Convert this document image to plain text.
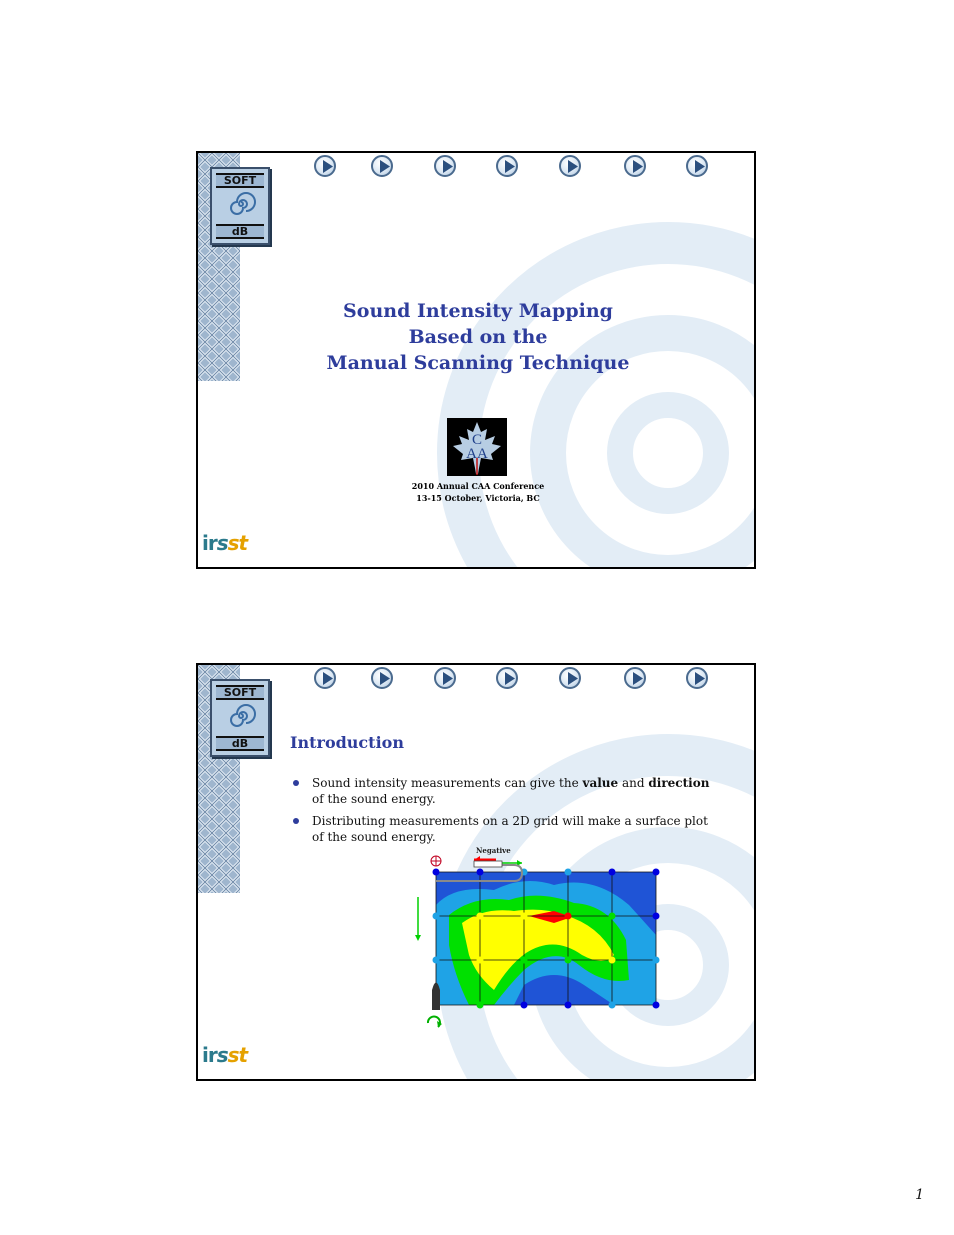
SOFT
dB
Sound Intensity Mapping
Based on the
Manual Scanning Technique
C
AA
2010 Annual CAA Conference
13-15 October, Victoria, BC
irsst
SOFT
dB	Introduction
Sound intensity measurements can give the value and direction of the sound energy.
Distributing measurements on a 2D grid will make a surface plot of the sound energy.
Negative
irsst
1
